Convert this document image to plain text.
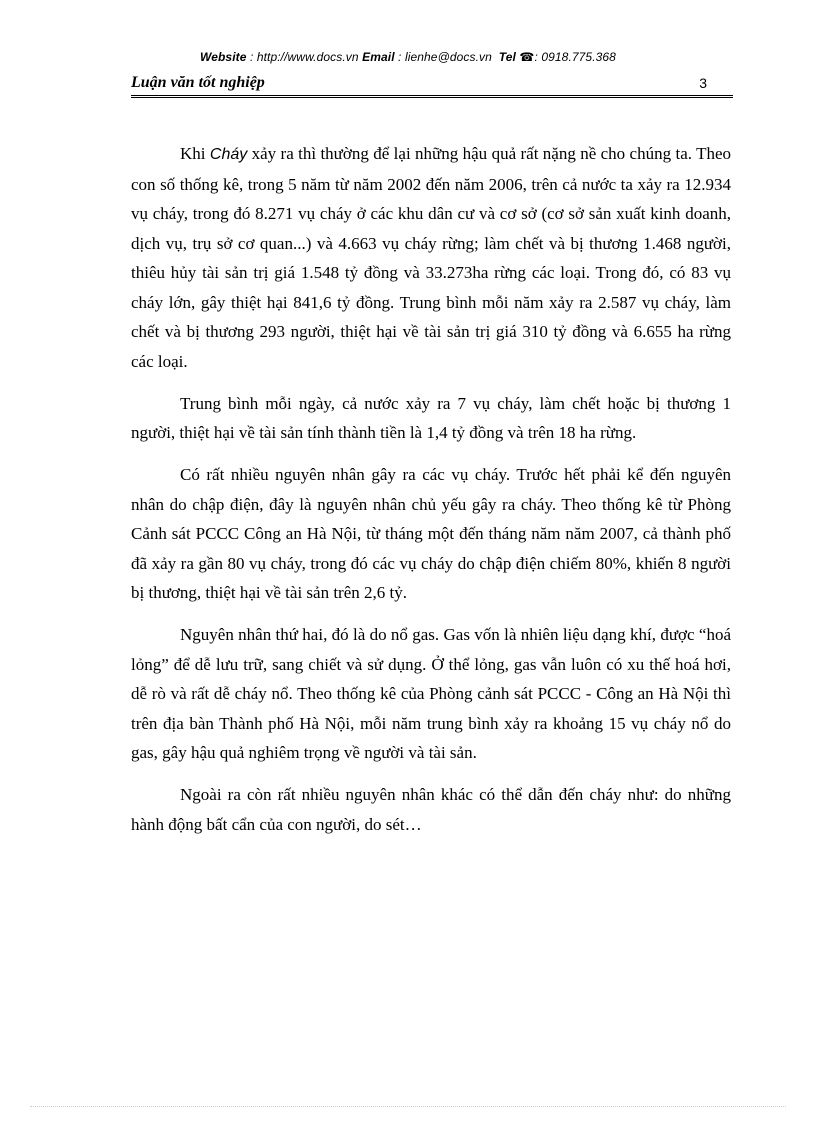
Website : http://www.docs.vn Email : lienhe@docs.vn Tel ☎: 0918.775.368
Luận văn tốt nghiệp	3

Khi Cháy xảy ra thì thường để lại những hậu quả rất nặng nề cho chúng ta. Theo con số thống kê, trong 5 năm từ năm 2002 đến năm 2006, trên cả nước ta xảy ra 12.934 vụ cháy, trong đó 8.271 vụ cháy ở các khu dân cư và cơ sở (cơ sở sản xuất kinh doanh, dịch vụ, trụ sở cơ quan...) và 4.663 vụ cháy rừng; làm chết và bị thương 1.468 người, thiêu hủy tài sản trị giá 1.548 tỷ đồng và 33.273ha rừng các loại. Trong đó, có 83 vụ cháy lớn, gây thiệt hại 841,6 tỷ đồng. Trung bình mỗi năm xảy ra 2.587 vụ cháy, làm chết và bị thương 293 người, thiệt hại về tài sản trị giá 310 tỷ đồng và 6.655 ha rừng các loại.

Trung bình mỗi ngày, cả nước xảy ra 7 vụ cháy, làm chết hoặc bị thương 1 người, thiệt hại về tài sản tính thành tiền là 1,4 tỷ đồng và trên 18 ha rừng.

Có rất nhiều nguyên nhân gây ra các vụ cháy. Trước hết phải kể đến nguyên nhân do chập điện, đây là nguyên nhân chủ yếu gây ra cháy. Theo thống kê từ Phòng Cảnh sát PCCC Công an Hà Nội, từ tháng một đến tháng năm năm 2007, cả thành phố đã xảy ra gần 80 vụ cháy, trong đó các vụ cháy do chập điện chiếm 80%, khiến 8 người bị thương, thiệt hại về tài sản trên 2,6 tỷ.

Nguyên nhân thứ hai, đó là do nổ gas. Gas vốn là nhiên liệu dạng khí, được “hoá lỏng” để dễ lưu trữ, sang chiết và sử dụng. Ở thể lỏng, gas vẫn luôn có xu thế hoá hơi, dễ rò và rất dễ cháy nổ. Theo thống kê của Phòng cảnh sát PCCC - Công an Hà Nội thì trên địa bàn Thành phố Hà Nội, mỗi năm trung bình xảy ra khoảng 15 vụ cháy nổ do gas, gây hậu quả nghiêm trọng về người và tài sản.

Ngoài ra còn rất nhiều nguyên nhân khác có thể dẫn đến cháy như: do những hành động bất cẩn của con người, do sét…
